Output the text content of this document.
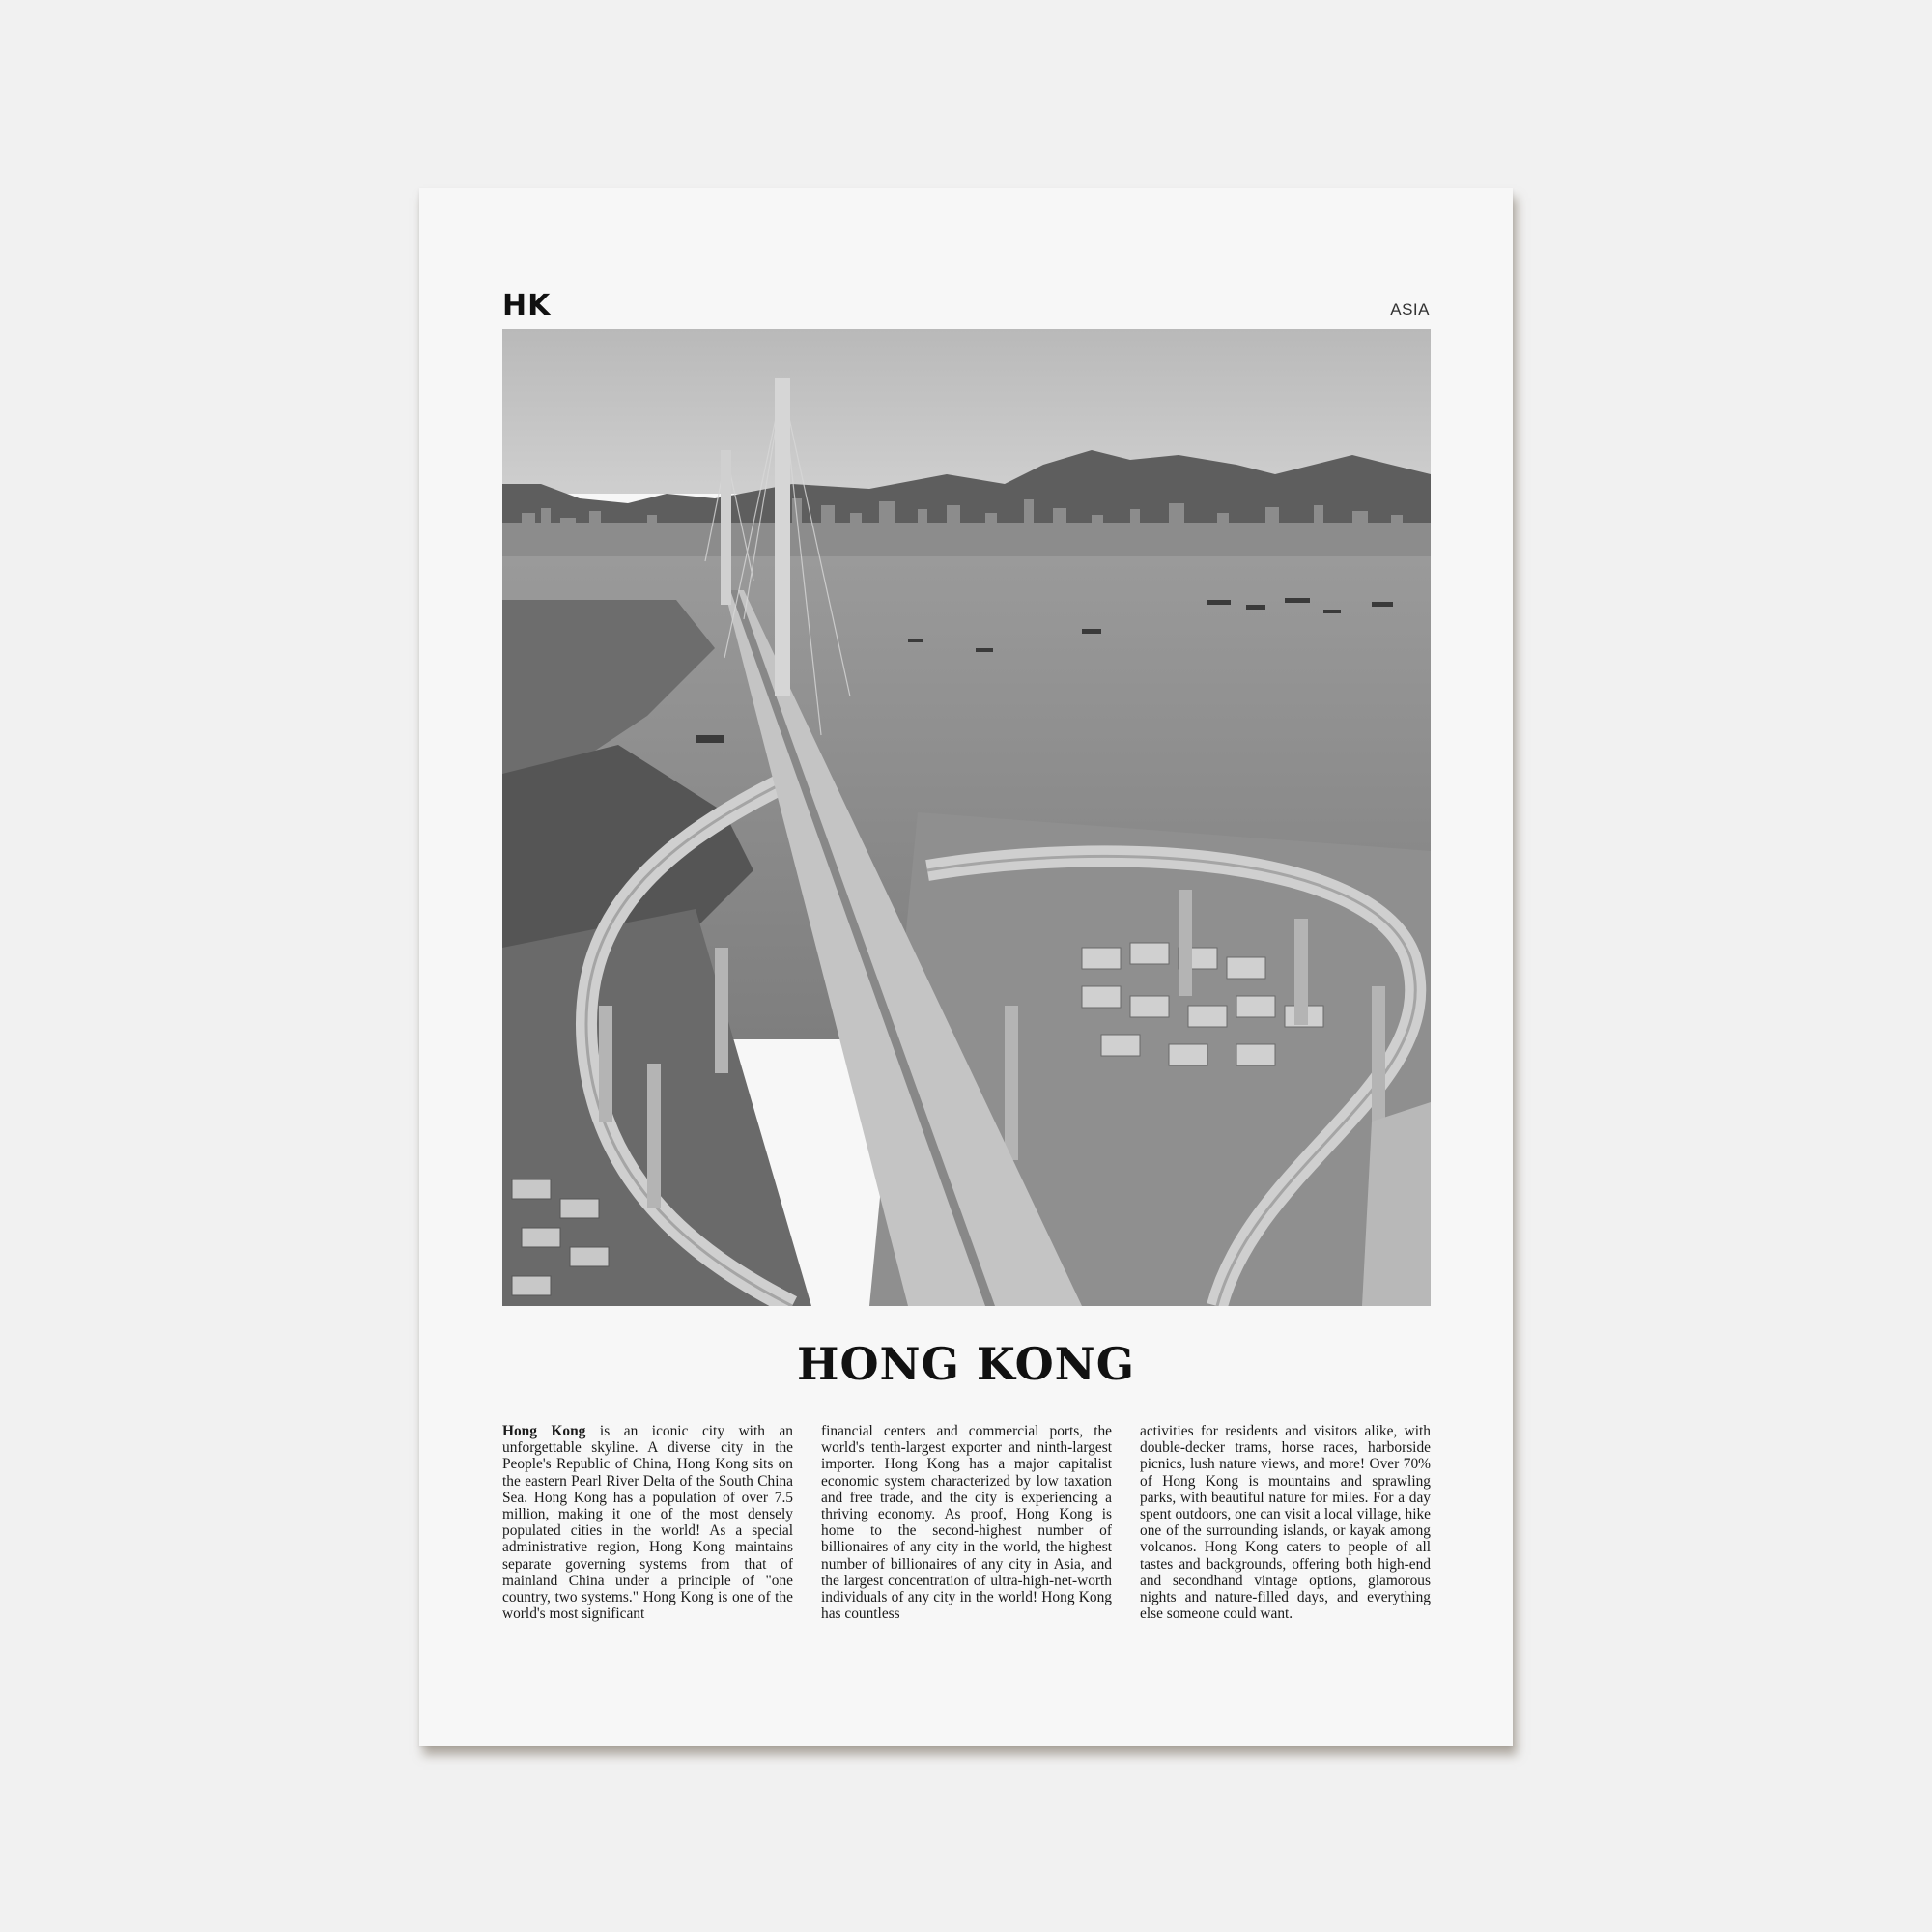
HK	ASIA
HONG KONG
Hong Kong is an iconic city with an unforgettable skyline. A diverse city in the People's Republic of China, Hong Kong sits on the eastern Pearl River Delta of the South China Sea. Hong Kong has a population of over 7.5 million, making it one of the most densely populated cities in the world! As a special administrative region, Hong Kong maintains separate governing systems from that of mainland China under a principle of "one country, two systems." Hong Kong is one of the world's most significant
financial centers and commercial ports, the world's tenth-largest exporter and ninth-largest importer. Hong Kong has a major capitalist economic system characterized by low taxation and free trade, and the city is experiencing a thriving economy. As proof, Hong Kong is home to the second-highest number of billionaires of any city in the world, the highest number of billionaires of any city in Asia, and the largest concentration of ultra-high-net-worth individuals of any city in the world! Hong Kong has countless
activities for residents and visitors alike, with double-decker trams, horse races, harborside picnics, lush nature views, and more! Over 70% of Hong Kong is mountains and sprawling parks, with beautiful nature for miles. For a day spent outdoors, one can visit a local village, hike one of the surrounding islands, or kayak among volcanos. Hong Kong caters to people of all tastes and backgrounds, offering both high-end and secondhand vintage options, glamorous nights and nature-filled days, and everything else someone could want.
